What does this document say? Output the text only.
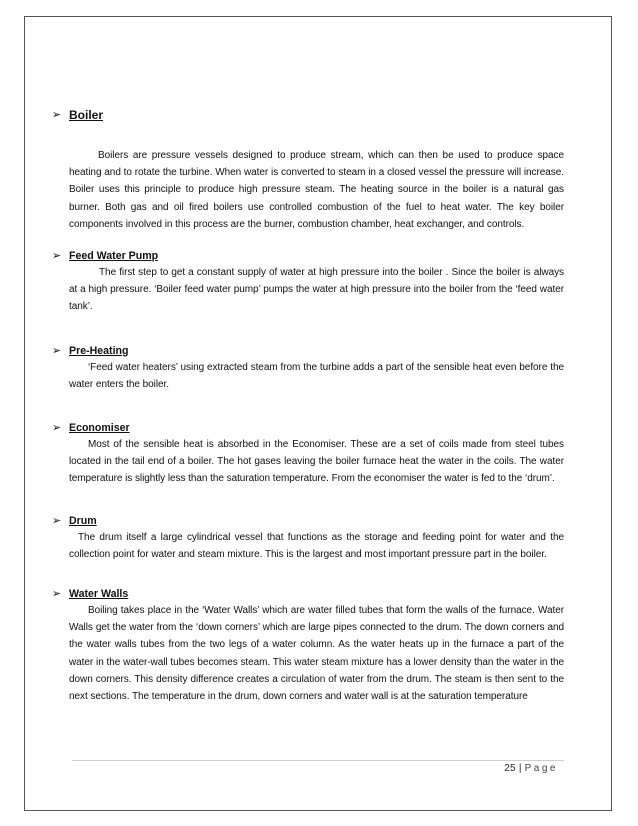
➢ Boiler

Boilers are pressure vessels designed to produce stream, which can then be used to produce space heating and to rotate the turbine. When water is converted to steam in a closed vessel the pressure will increase. Boiler uses this principle to produce high pressure steam. The heating source in the boiler is a natural gas burner. Both gas and oil fired boilers use controlled combustion of the fuel to heat water. The key boiler components involved in this process are the burner, combustion chamber, heat exchanger, and controls.

➢ Feed Water Pump

The first step to get a constant supply of water at high pressure into the boiler . Since the boiler is always at a high pressure. ‘Boiler feed water pump’ pumps the water at high pressure into the boiler from the ‘feed water tank’.

➢ Pre-Heating

‘Feed water heaters’ using extracted steam from the turbine adds a part of the sensible heat even before the water enters the boiler.

➢ Economiser

Most of the sensible heat is absorbed in the Economiser. These are a set of coils made from steel tubes located in the tail end of a boiler. The hot gases leaving the boiler furnace heat the water in the coils. The water temperature is slightly less than the saturation temperature. From the economiser the water is fed to the ‘drum’.

➢ Drum

The drum itself a large cylindrical vessel that functions as the storage and feeding point for water and the collection point for water and steam mixture. This is the largest and most important pressure part in the boiler.

➢ Water Walls

Boiling takes place in the ‘Water Walls’ which are water filled tubes that form the walls of the furnace. Water Walls get the water from the ‘down corners’ which are large pipes connected to the drum. The down corners and the water walls tubes from the two legs of a water column. As the water heats up in the furnace a part of the water in the water-wall tubes becomes steam. This water steam mixture has a lower density than the water in the down corners. This density difference creates a circulation of water from the drum. The steam is then sent to the next sections. The temperature in the drum, down corners and water wall is at the saturation temperature

25 | Page
